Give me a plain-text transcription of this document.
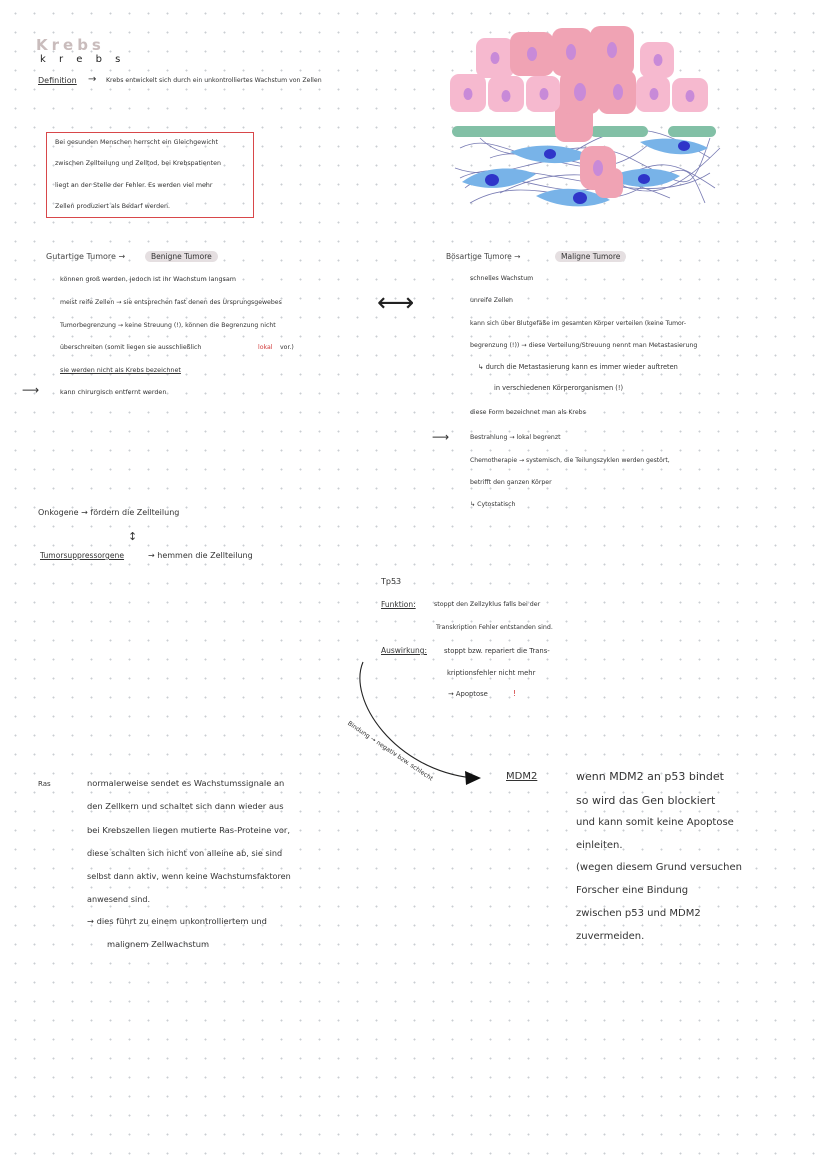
Krebs
k r e b s
Definition → Krebs entwickelt sich durch ein unkontrolliertes Wachstum von Zellen
Bei gesunden Menschen herrscht ein Gleichgewicht
zwischen Zellteilung und Zelltod, bei Krebspatienten
liegt an der Stelle der Fehler. Es werden viel mehr
Zellen produziert als Bedarf werden.
Gutartige Tumore →	Benigne Tumore
können groß werden, jedoch ist ihr Wachstum langsam
meist reife Zellen → sie entsprechen fast denen des Ursprungsgewebes
Tumorbegrenzung → keine Streuung (!), können die Begrenzung nicht
überschreiten (somit liegen sie ausschließlich	lokal vor.)
sie werden nicht als Krebs bezeichnet
kann chirurgisch entfernt werden
⟶
⟷
Bösartige Tumore →	Maligne Tumore
schnelles Wachstum
unreife Zellen
kann sich über Blutgefäße im gesamten Körper verteilen (keine Tumor-
begrenzung (!)) → diese Verteilung/Streuung nennt man Metastasierung
↳ durch die Metastasierung kann es immer wieder auftreten
in verschiedenen Körperorganismen (!)
diese Form bezeichnet man als Krebs
⟶	Bestrahlung → lokal begrenzt
Chemotherapie → systemisch, die Teilungszyklen werden gestört,
betrifft den ganzen Körper
↳ Cytostatisch
Onkogene → fördern die Zellteilung
↕
Tumorsuppressorgene	→ hemmen die Zellteilung
Tp53
Funktion:	stoppt den Zellzyklus falls bei der
Transkription Fehler entstanden sind.
Auswirkung:	stoppt bzw. repariert die Trans-
kriptionsfehler nicht mehr
→ Apoptose	!
Bindung → negativ bzw. schlecht	MDM2	wenn MDM2 an p53 bindet
so wird das Gen blockiert
und kann somit keine Apoptose
einleiten.
(wegen diesem Grund versuchen
Forscher eine Bindung
zwischen p53 und MDM2
zuvermeiden.
Ras	normalerweise sendet es Wachstumssignale an
den Zellkern und schaltet sich dann wieder aus
bei Krebszellen liegen mutierte Ras-Proteine vor,
diese schalten sich nicht von alleine ab, sie sind
selbst dann aktiv, wenn keine Wachstumsfaktoren
anwesend sind.
→ dies führt zu einem unkontrolliertem und
malignem Zellwachstum
